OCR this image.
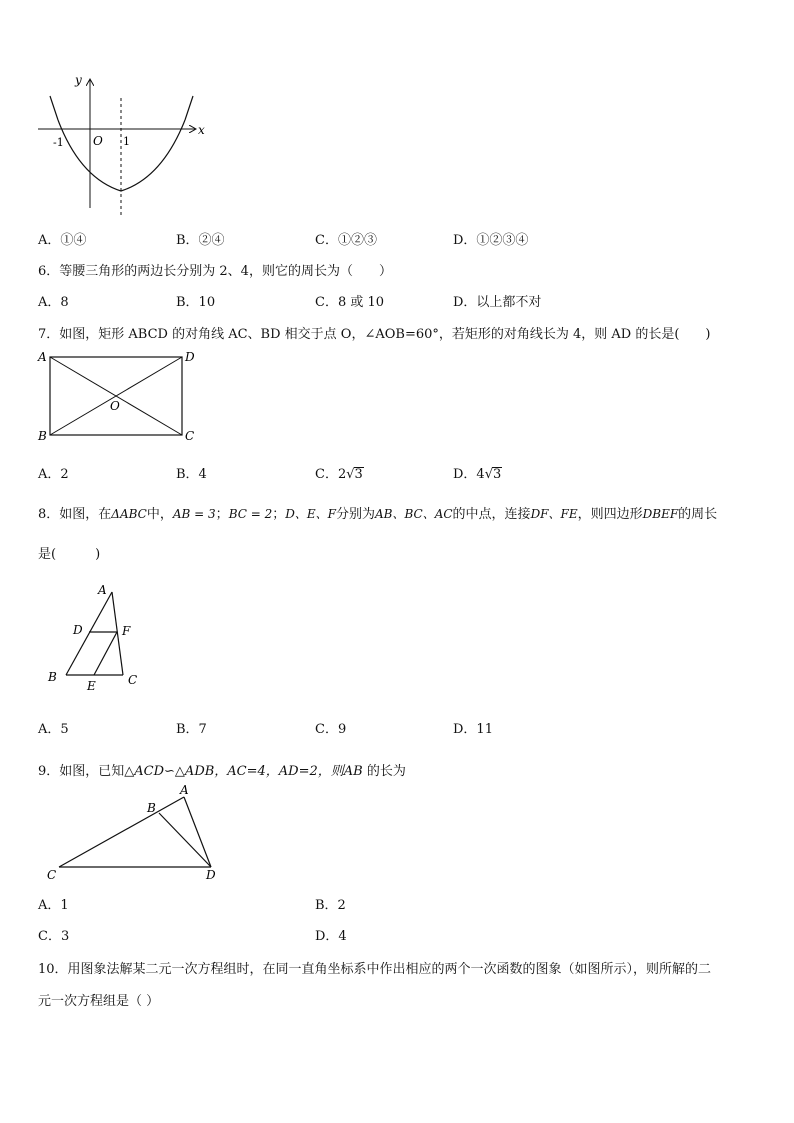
y
x
-1 O 1
A．①④	B．②④	C．①②③	D．①②③④
6．等腰三角形的两边长分别为 2、4，则它的周长为（　　）
A．8	B．10	C．8 或 10	D．以上都不对
7．如图，矩形 ABCD 的对角线 AC、BD 相交于点 O，∠AOB=60°，若矩形的对角线长为 4，则 AD 的长是(　　)
A	D
B	C
O
A．2	B．4	C．2√3	D．4√3
8．如图，在ΔABC中，AB = 3；BC = 2；D、E、F分别为AB、BC、AC的中点，连接DF、FE，则四边形DBEF的周长
是(　　　)
A
D	F
B
E	C
A．5	B．7	C．9	D．11
9．如图，已知△ACD∽△ADB，AC=4，AD=2，则AB 的长为
A
B
C	D
A．1	B．2
C．3	D．4
10．用图象法解某二元一次方程组时，在同一直角坐标系中作出相应的两个一次函数的图象（如图所示），则所解的二
元一次方程组是（ ）
